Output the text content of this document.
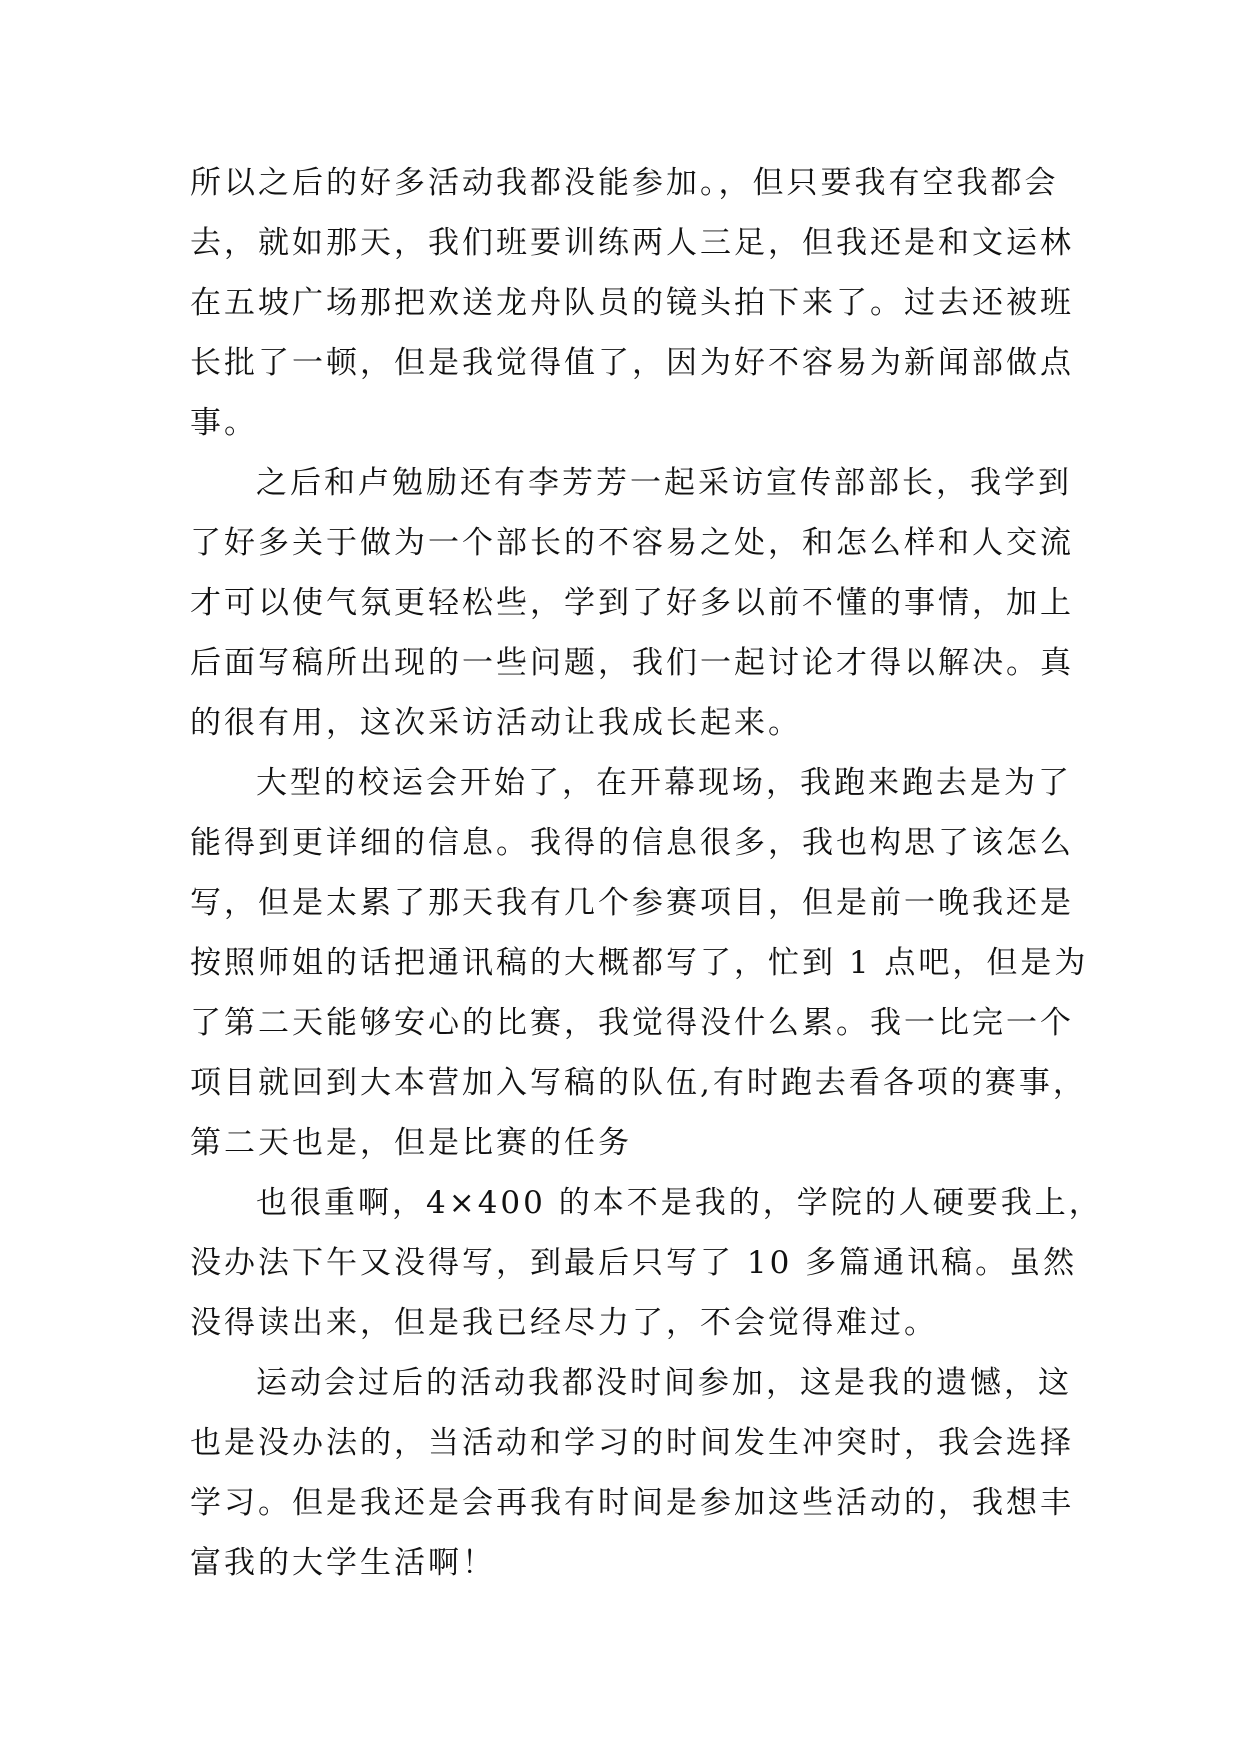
所以之后的好多活动我都没能参加。，但只要我有空我都会
去，就如那天，我们班要训练两人三足，但我还是和文运林
在五坡广场那把欢送龙舟队员的镜头拍下来了。过去还被班
长批了一顿，但是我觉得值了，因为好不容易为新闻部做点
事。
之后和卢勉励还有李芳芳一起采访宣传部部长，我学到
了好多关于做为一个部长的不容易之处，和怎么样和人交流
才可以使气氛更轻松些，学到了好多以前不懂的事情，加上
后面写稿所出现的一些问题，我们一起讨论才得以解决。真
的很有用，这次采访活动让我成长起来。
大型的校运会开始了，在开幕现场，我跑来跑去是为了
能得到更详细的信息。我得的信息很多，我也构思了该怎么
写，但是太累了那天我有几个参赛项目，但是前一晚我还是
按照师姐的话把通讯稿的大概都写了，忙到 1 点吧，但是为
了第二天能够安心的比赛，我觉得没什么累。我一比完一个
项目就回到大本营加入写稿的队伍,有时跑去看各项的赛事，
第二天也是，但是比赛的任务
也很重啊，4×400 的本不是我的，学院的人硬要我上，
没办法下午又没得写，到最后只写了 10 多篇通讯稿。虽然
没得读出来，但是我已经尽力了，不会觉得难过。
运动会过后的活动我都没时间参加，这是我的遗憾，这
也是没办法的，当活动和学习的时间发生冲突时，我会选择
学习。但是我还是会再我有时间是参加这些活动的，我想丰
富我的大学生活啊！
